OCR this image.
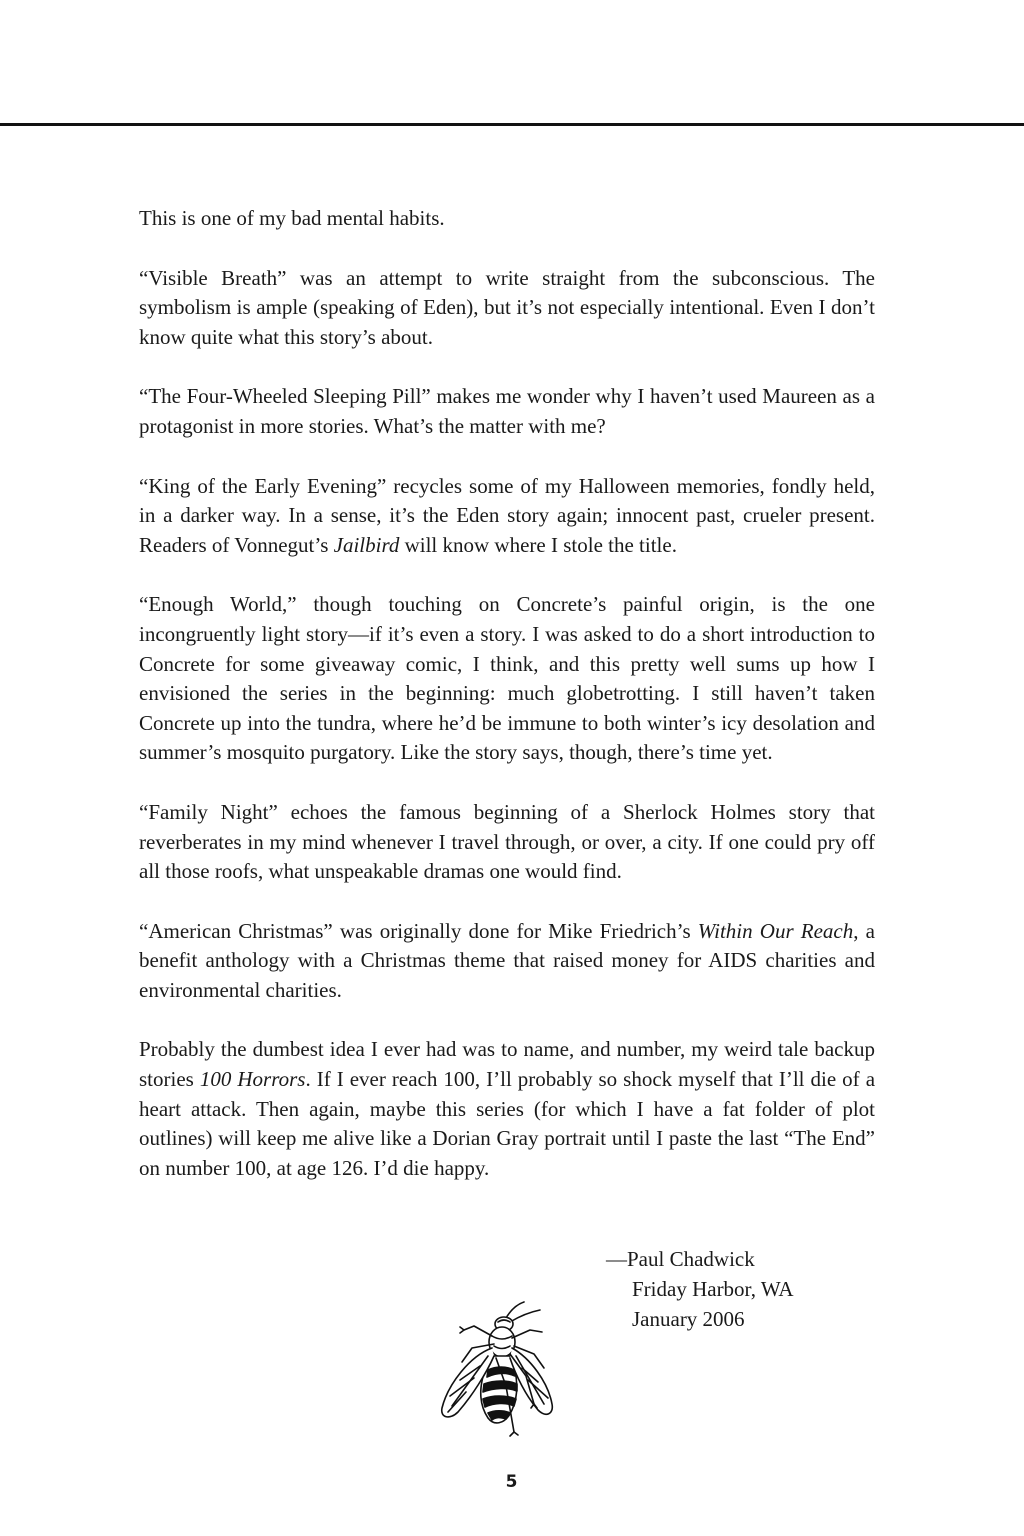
This is one of my bad mental habits.

“Visible Breath” was an attempt to write straight from the subconscious. The symbolism is ample (speaking of Eden), but it’s not especially intentional. Even I don’t know quite what this story’s about.

“The Four-Wheeled Sleeping Pill” makes me wonder why I haven’t used Maureen as a protagonist in more stories. What’s the matter with me?

“King of the Early Evening” recycles some of my Halloween memories, fondly held, in a darker way. In a sense, it’s the Eden story again; innocent past, crueler present. Readers of Vonnegut’s Jailbird will know where I stole the title.

“Enough World,” though touching on Concrete’s painful origin, is the one incongruently light story—if it’s even a story. I was asked to do a short introduction to Concrete for some giveaway comic, I think, and this pretty well sums up how I envisioned the series in the beginning: much globetrotting. I still haven’t taken Concrete up into the tundra, where he’d be immune to both winter’s icy desolation and summer’s mosquito purgatory. Like the story says, though, there’s time yet.

“Family Night” echoes the famous beginning of a Sherlock Holmes story that reverberates in my mind whenever I travel through, or over, a city. If one could pry off all those roofs, what unspeakable dramas one would find.

“American Christmas” was originally done for Mike Friedrich’s Within Our Reach, a benefit anthology with a Christmas theme that raised money for AIDS charities and environmental charities.

Probably the dumbest idea I ever had was to name, and number, my weird tale backup stories 100 Horrors. If I ever reach 100, I’ll probably so shock myself that I’ll die of a heart attack. Then again, maybe this series (for which I have a fat folder of plot outlines) will keep me alive like a Dorian Gray portrait until I paste the last “The End” on number 100, at age 126. I’d die happy.

—Paul Chadwick
Friday Harbor, WA
January 2006
5
